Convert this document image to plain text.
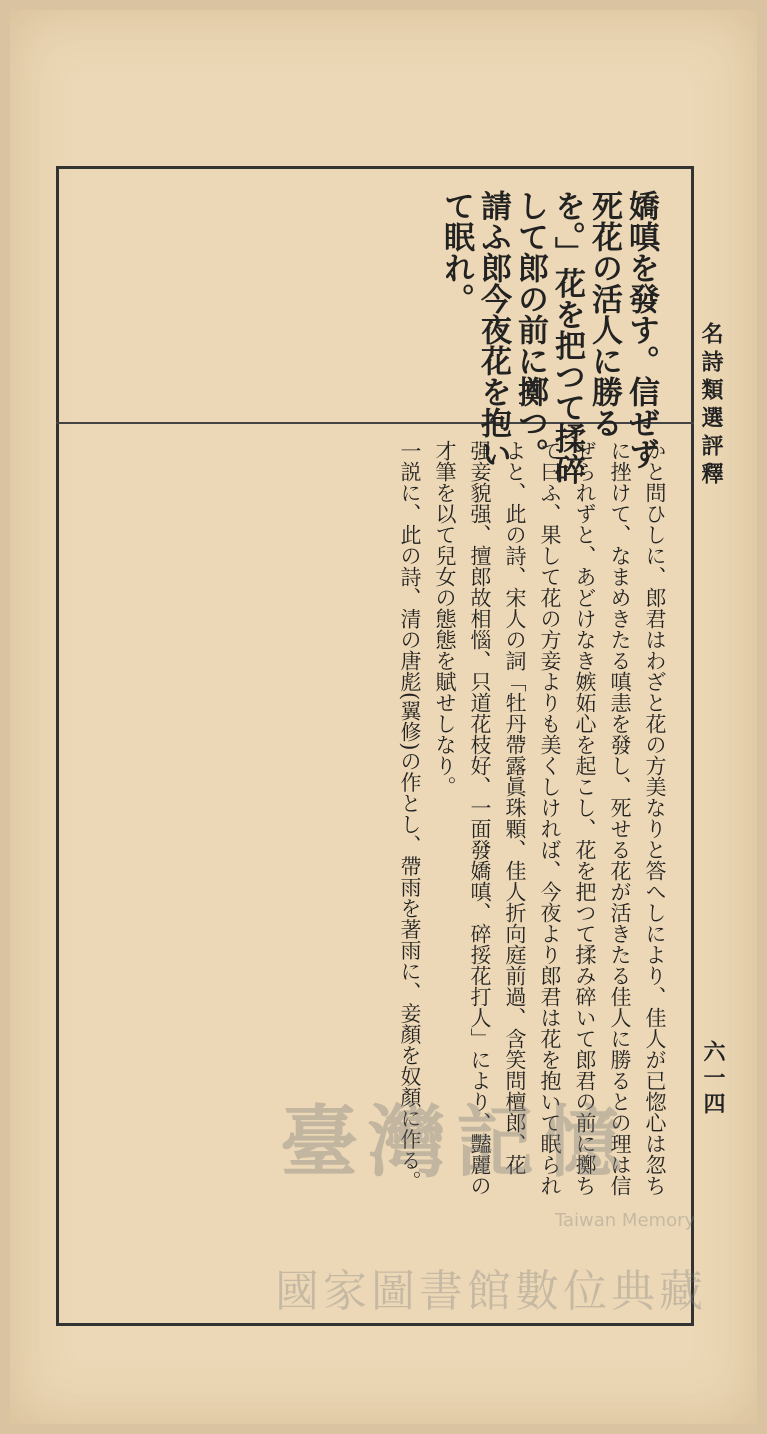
名詩類選評釋
六一四
嬌嗔を發す。信ぜず
死花の活人に勝る
を。」花を把つて揉碎
して郎の前に擲つ。
請ふ郎今夜花を抱い
て眠れ。
かと問ひしに、郎君はわざと花の方美なりと答へしにより、佳人が已惚心は忽ち
に挫けて、なまめきたる嗔恚を發し、死せる花が活きたる佳人に勝るとの理は信
ぜられずと、あどけなき嫉妬心を起こし、花を把つて揉み碎いて郎君の前に擲ち
て曰ふ、果して花の方妾よりも美くしければ、今夜より郎君は花を抱いて眠られ
よと、此の詩、宋人の詞「牡丹帶露眞珠顆、佳人折向庭前過、含笑問檀郎、花
强妾貌强、擅郎故相惱、只道花枝好、一面發嬌嗔、碎挼花打人」により、豔麗の
才筆を以て兒女の態態を賦せしなり。
一説に、此の詩、清の唐彪(翼修)の作とし、帶雨を著雨に、妾顏を奴顏に作る。
臺灣記憶
Taiwan Memory
國家圖書館數位典藏
